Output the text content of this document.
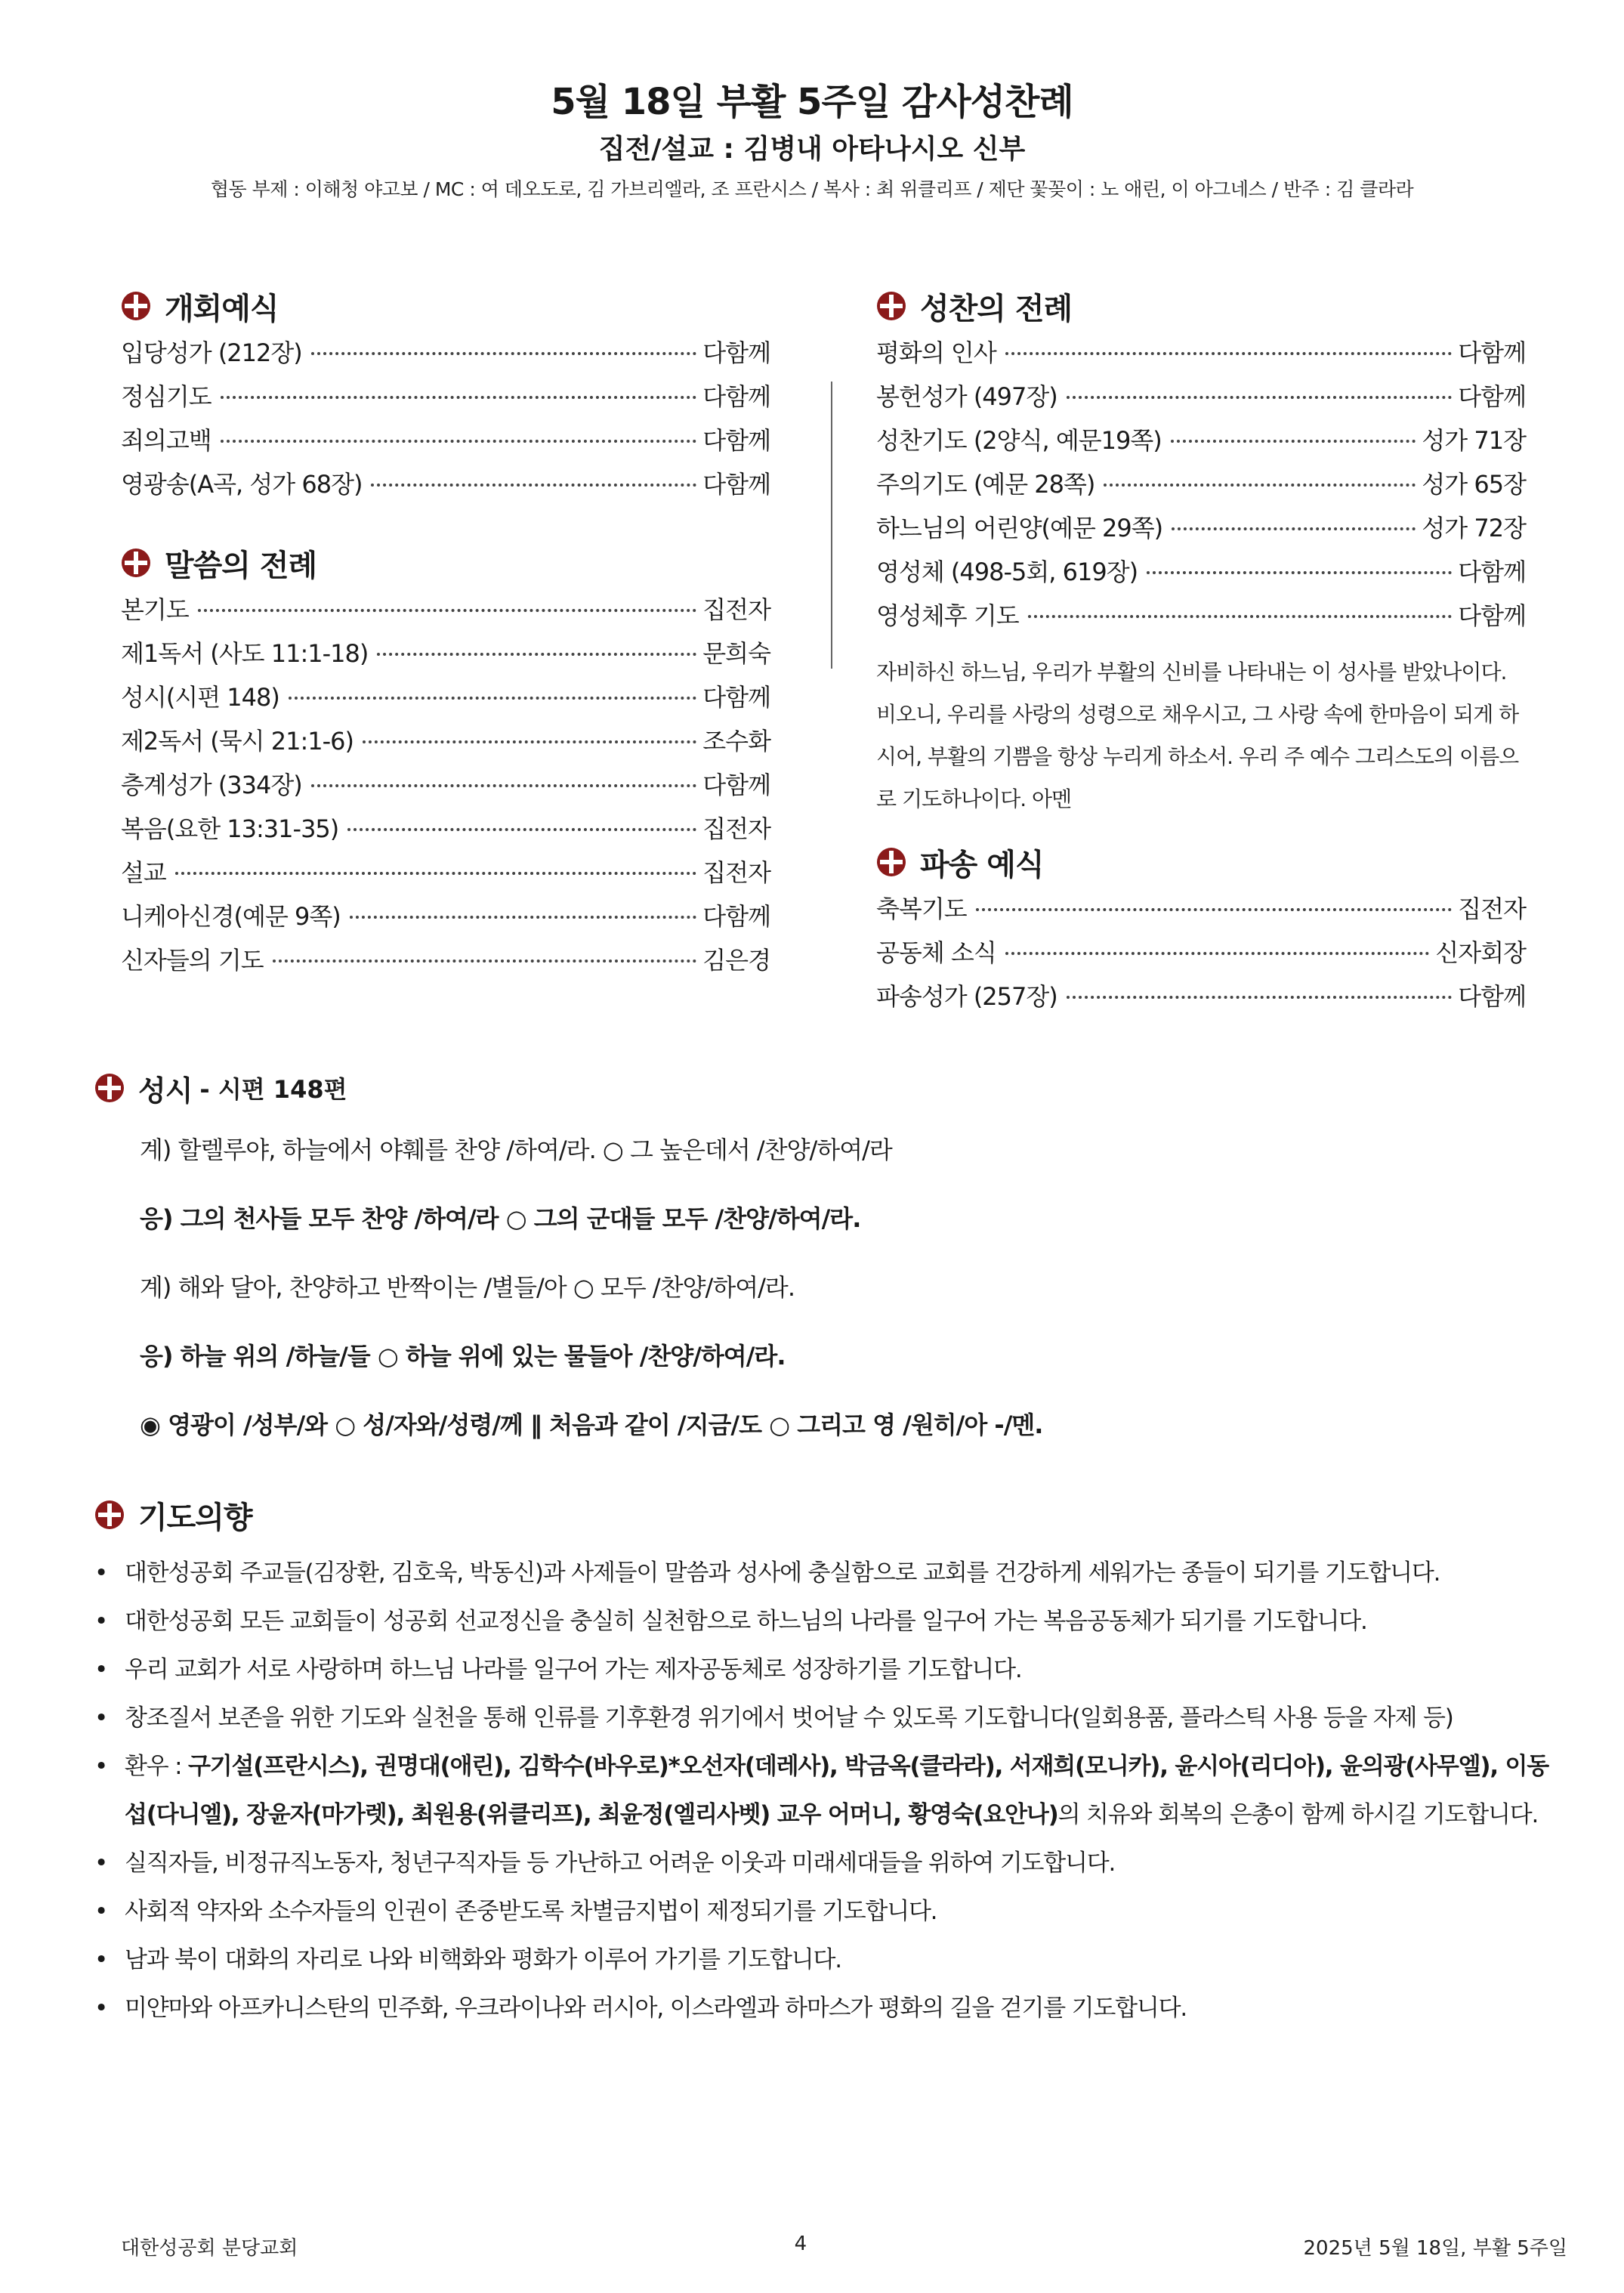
5월 18일 부활 5주일 감사성찬례
집전/설교 : 김병내 아타나시오 신부
협동 부제 : 이해청 야고보 / MC : 여 데오도로, 김 가브리엘라, 조 프란시스 / 복사 : 최 위클리프 / 제단 꽃꽂이 : 노 애린, 이 아그네스 / 반주 : 김 클라라
개회예식
입당성가 (212장)	다함께
정심기도	다함께
죄의고백	다함께
영광송(A곡, 성가 68장)	다함께
말씀의 전례
본기도	집전자
제1독서 (사도 11:1-18)	문희숙
성시(시편 148)	다함께
제2독서 (묵시 21:1-6)	조수화
층계성가 (334장)	다함께
복음(요한 13:31-35)	집전자
설교	집전자
니케아신경(예문 9쪽)	다함께
신자들의 기도	김은경
성찬의 전례
평화의 인사	다함께
봉헌성가 (497장)	다함께
성찬기도 (2양식, 예문19쪽)	성가 71장
주의기도 (예문 28쪽)	성가 65장
하느님의 어린양(예문 29쪽)	성가 72장
영성체 (498-5회, 619장)	다함께
영성체후 기도	다함께

자비하신 하느님, 우리가 부활의 신비를 나타내는 이 성사를 받았나이다. 비오니, 우리를 사랑의 성령으로 채우시고, 그 사랑 속에 한마음이 되게 하시어, 부활의 기쁨을 항상 누리게 하소서. 우리 주 예수 그리스도의 이름으로 기도하나이다. 아멘

파송 예식
축복기도	집전자
공동체 소식	신자회장
파송성가 (257장)	다함께
성시 - 시편 148편
계) 할렐루야, 하늘에서 야훼를 찬양 /하여/라. ○ 그 높은데서 /찬양/하여/라
응) 그의 천사들 모두 찬양 /하여/라 ○ 그의 군대들 모두 /찬양/하여/라.
계) 해와 달아, 찬양하고 반짝이는 /별들/아 ○ 모두 /찬양/하여/라.
응) 하늘 위의 /하늘/들 ○ 하늘 위에 있는 물들아 /찬양/하여/라.
◉ 영광이 /성부/와 ○ 성/자와/성령/께 ‖ 처음과 같이 /지금/도 ○ 그리고 영 /원히/아 -/멘.
기도의향
• 대한성공회 주교들(김장환, 김호욱, 박동신)과 사제들이 말씀과 성사에 충실함으로 교회를 건강하게 세워가는 종들이 되기를 기도합니다.
• 대한성공회 모든 교회들이 성공회 선교정신을 충실히 실천함으로 하느님의 나라를 일구어 가는 복음공동체가 되기를 기도합니다.
• 우리 교회가 서로 사랑하며 하느님 나라를 일구어 가는 제자공동체로 성장하기를 기도합니다.
• 창조질서 보존을 위한 기도와 실천을 통해 인류를 기후환경 위기에서 벗어날 수 있도록 기도합니다(일회용품, 플라스틱 사용 등을 자제 등)
• 환우 : 구기설(프란시스), 권명대(애린), 김학수(바우로)*오선자(데레사), 박금옥(클라라), 서재희(모니카), 윤시아(리디아), 윤의광(사무엘), 이동섭(다니엘), 장윤자(마가렛), 최원용(위클리프), 최윤정(엘리사벳) 교우 어머니, 황영숙(요안나)의 치유와 회복의 은총이 함께 하시길 기도합니다.
• 실직자들, 비정규직노동자, 청년구직자들 등 가난하고 어려운 이웃과 미래세대들을 위하여 기도합니다.
• 사회적 약자와 소수자들의 인권이 존중받도록 차별금지법이 제정되기를 기도합니다.
• 남과 북이 대화의 자리로 나와 비핵화와 평화가 이루어 가기를 기도합니다.
• 미얀마와 아프카니스탄의 민주화, 우크라이나와 러시아, 이스라엘과 하마스가 평화의 길을 걷기를 기도합니다.
대한성공회 분당교회	4	2025년 5월 18일, 부활 5주일
